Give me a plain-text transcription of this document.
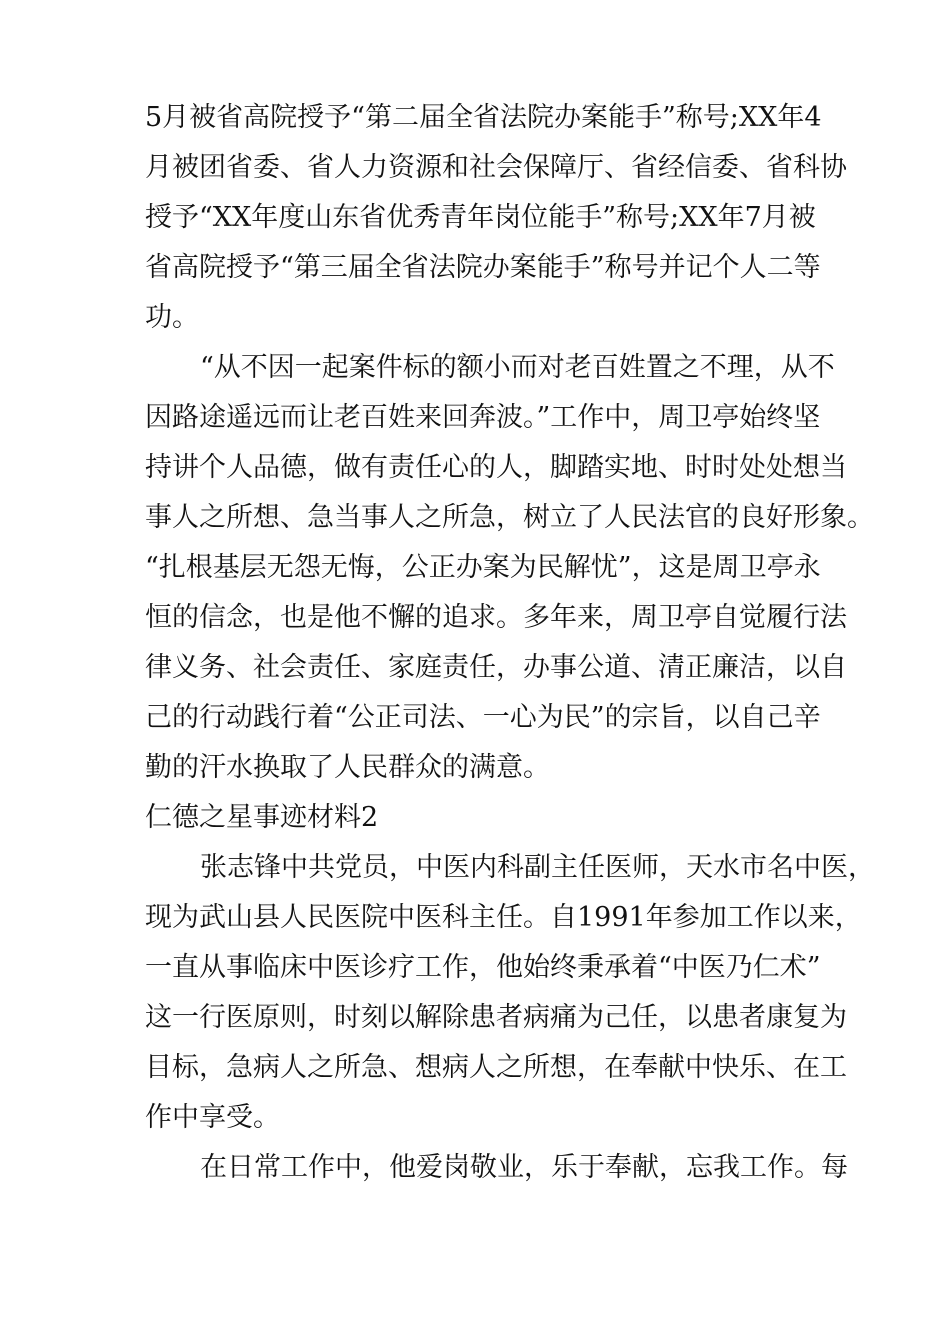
5月被省高院授予“第二届全省法院办案能手”称号;XX年4
月被团省委、省人力资源和社会保障厅、省经信委、省科协
授予“XX年度山东省优秀青年岗位能手”称号;XX年7月被
省高院授予“第三届全省法院办案能手”称号并记个人二等
功。
“从不因一起案件标的额小而对老百姓置之不理，从不
因路途遥远而让老百姓来回奔波。”工作中，周卫亭始终坚
持讲个人品德，做有责任心的人，脚踏实地、时时处处想当
事人之所想、急当事人之所急，树立了人民法官的良好形象。
“扎根基层无怨无悔，公正办案为民解忧”，这是周卫亭永
恒的信念，也是他不懈的追求。多年来，周卫亭自觉履行法
律义务、社会责任、家庭责任，办事公道、清正廉洁，以自
己的行动践行着“公正司法、一心为民”的宗旨，以自己辛
勤的汗水换取了人民群众的满意。
仁德之星事迹材料2
张志锋中共党员，中医内科副主任医师，天水市名中医，
现为武山县人民医院中医科主任。自1991年参加工作以来，
一直从事临床中医诊疗工作，他始终秉承着“中医乃仁术”
这一行医原则，时刻以解除患者病痛为己任，以患者康复为
目标，急病人之所急、想病人之所想，在奉献中快乐、在工
作中享受。
在日常工作中，他爱岗敬业，乐于奉献，忘我工作。每
